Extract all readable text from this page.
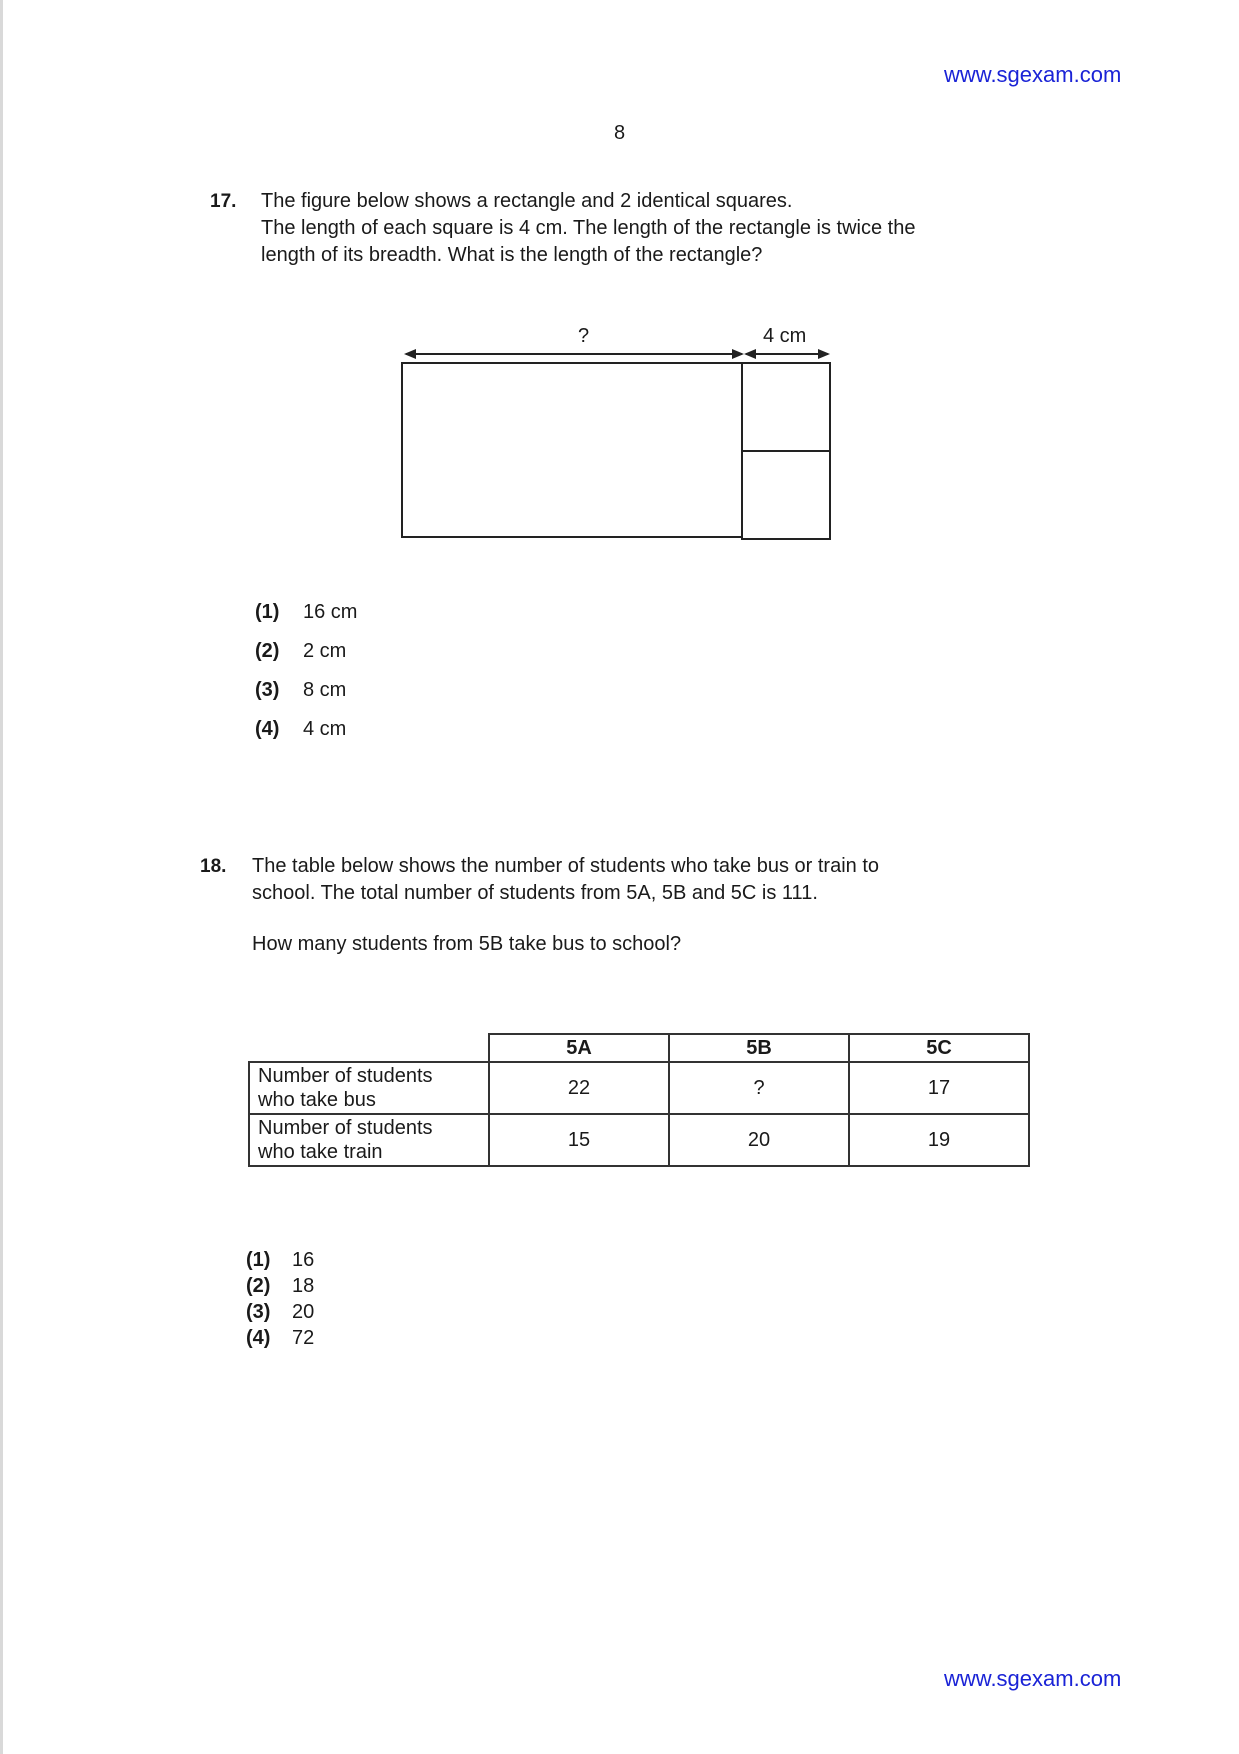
www.sgexam.com
8
17. The figure below shows a rectangle and 2 identical squares.
The length of each square is 4 cm. The length of the rectangle is twice the
length of its breadth. What is the length of the rectangle?
?	4 cm
(1) 16 cm
(2) 2 cm
(3) 8 cm
(4) 4 cm
18. The table below shows the number of students who take bus or train to
school. The total number of students from 5A, 5B and 5C is 111.
How many students from 5B take bus to school?
	5A	5B	5C

Number of students
who take bus	22	?	17

Number of students
who take train	15	20	19
(1) 16
(2) 18
(3) 20
(4) 72
www.sgexam.com
